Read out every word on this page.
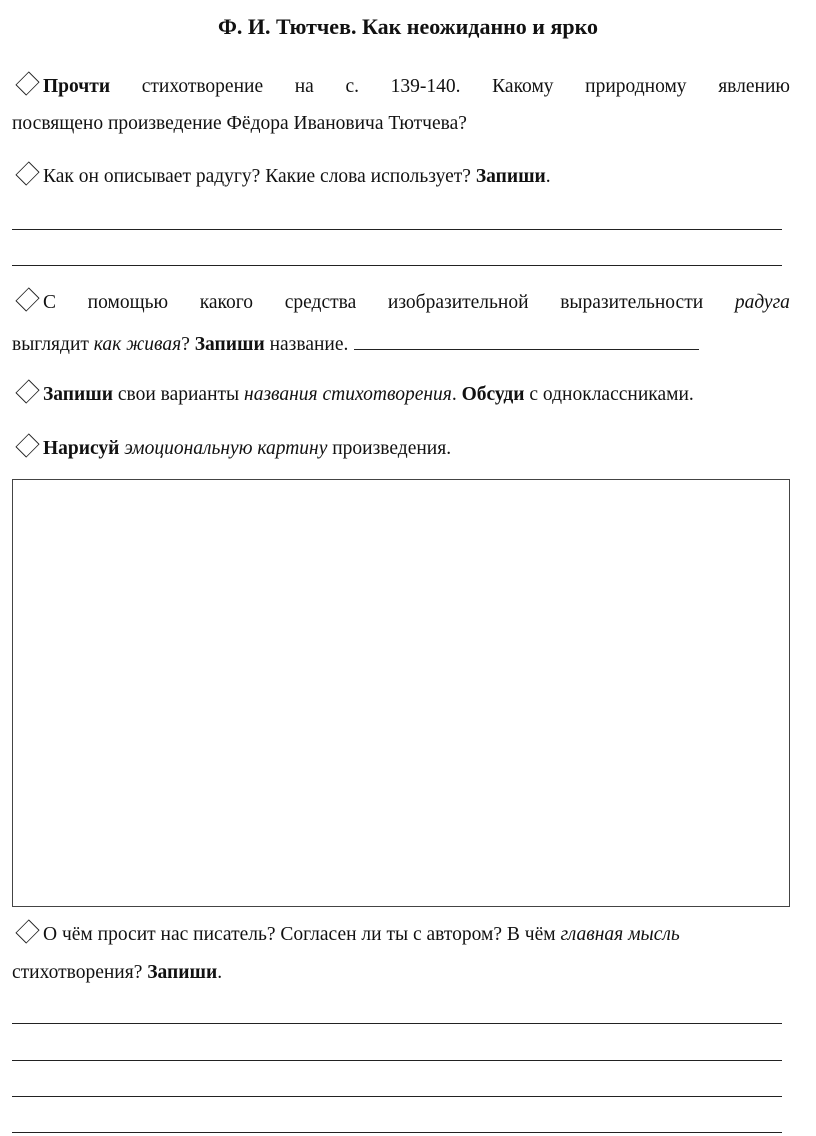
Ф. И. Тютчев. Как неожиданно и ярко
Прочти стихотворение на с. 139-140. Какому природному явлению
посвящено произведение Фёдора Ивановича Тютчева?
Как он описывает радугу? Какие слова использует? Запиши.
С помощью какого средства изобразительной выразительности радуга
выглядит как живая? Запиши название.
Запиши свои варианты названия стихотворения. Обсуди с одноклассниками.
Нарисуй эмоциональную картину произведения.
О чём просит нас писатель? Согласен ли ты с автором? В чём главная мысль
стихотворения? Запиши.
